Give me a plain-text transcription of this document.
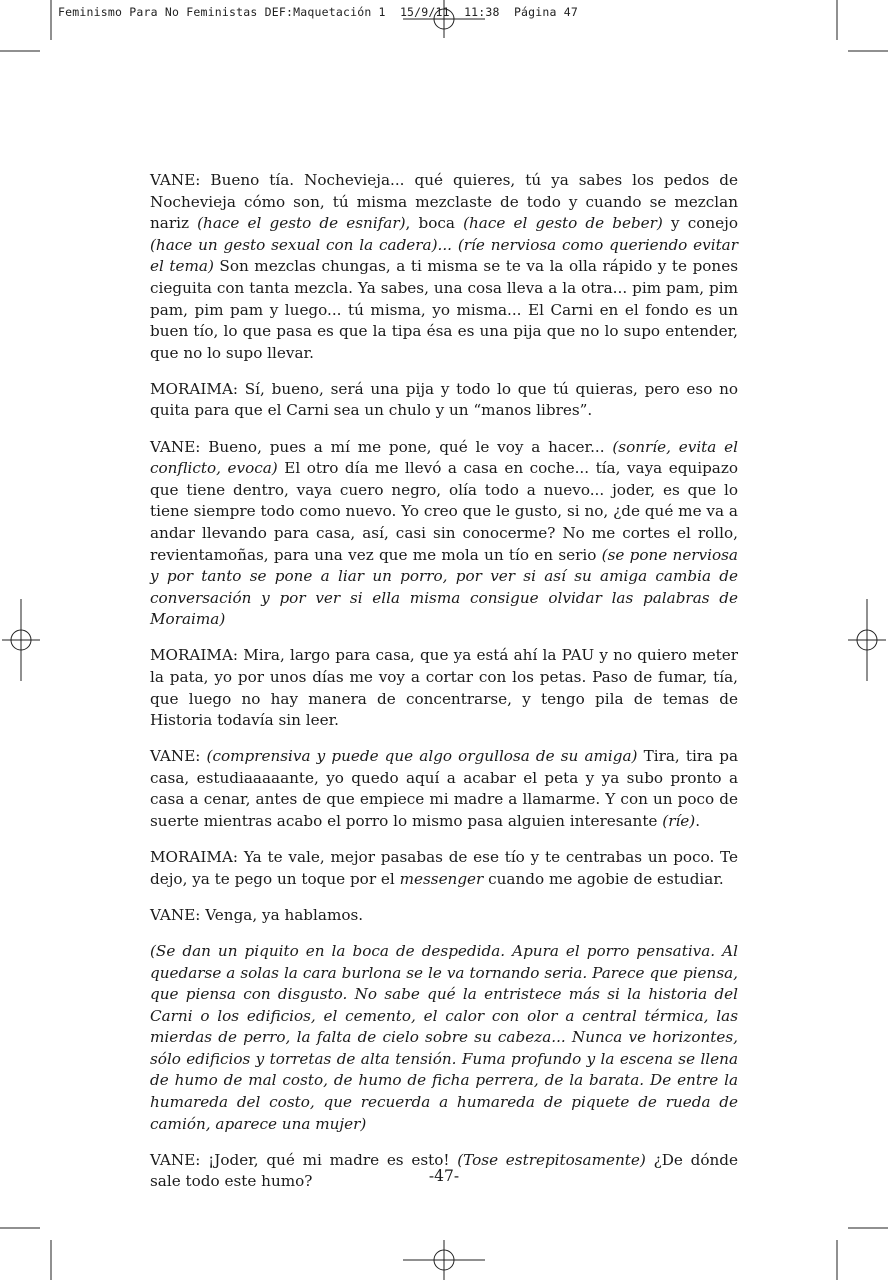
Feminismo Para No Feministas DEF:Maquetación 1 15/9/11 11:38 Página 47

VANE: Bueno tía. Nochevieja... qué quieres, tú ya sabes los pedos de Nochevieja cómo son, tú misma mezclaste de todo y cuando se mezclan nariz (hace el gesto de esnifar), boca (hace el gesto de beber) y conejo (hace un gesto sexual con la cadera)... (ríe nerviosa como queriendo evitar el tema) Son mezclas chungas, a ti misma se te va la olla rápido y te pones cieguita con tanta mezcla. Ya sabes, una cosa lleva a la otra... pim pam, pim pam, pim pam y luego... tú misma, yo misma... El Carni en el fondo es un buen tío, lo que pasa es que la tipa ésa es una pija que no lo supo entender, que no lo supo llevar.

MORAIMA: Sí, bueno, será una pija y todo lo que tú quieras, pero eso no quita para que el Carni sea un chulo y un “manos libres”.

VANE: Bueno, pues a mí me pone, qué le voy a hacer... (sonríe, evita el conflicto, evoca) El otro día me llevó a casa en coche... tía, vaya equipazo que tiene dentro, vaya cuero negro, olía todo a nuevo... joder, es que lo tiene siempre todo como nuevo. Yo creo que le gusto, si no, ¿de qué me va a andar llevando para casa, así, casi sin conocerme? No me cortes el rollo, revientamoñas, para una vez que me mola un tío en serio (se pone nerviosa y por tanto se pone a liar un porro, por ver si así su amiga cambia de conversación y por ver si ella misma consigue olvidar las palabras de Moraima)

MORAIMA: Mira, largo para casa, que ya está ahí la PAU y no quiero meter la pata, yo por unos días me voy a cortar con los petas. Paso de fumar, tía, que luego no hay manera de concentrarse, y tengo pila de temas de Historia todavía sin leer.

VANE: (comprensiva y puede que algo orgullosa de su amiga) Tira, tira pa casa, estudiaaaaante, yo quedo aquí a acabar el peta y ya subo pronto a casa a cenar, antes de que empiece mi madre a llamarme. Y con un poco de suerte mientras acabo el porro lo mismo pasa alguien interesante (ríe).

MORAIMA: Ya te vale, mejor pasabas de ese tío y te centrabas un poco. Te dejo, ya te pego un toque por el messenger cuando me agobie de estudiar.

VANE: Venga, ya hablamos.

(Se dan un piquito en la boca de despedida. Apura el porro pensativa. Al quedarse a solas la cara burlona se le va tornando seria. Parece que piensa, que piensa con disgusto. No sabe qué la entristece más si la historia del Carni o los edificios, el cemento, el calor con olor a central térmica, las mierdas de perro, la falta de cielo sobre su cabeza... Nunca ve horizontes, sólo edificios y torretas de alta tensión. Fuma profundo y la escena se llena de humo de mal costo, de humo de ficha perrera, de la barata. De entre la humareda del costo, que recuerda a humareda de piquete de rueda de camión, aparece una mujer)

VANE: ¡Joder, qué mi madre es esto! (Tose estrepitosamente) ¿De dónde sale todo este humo?	-47-
